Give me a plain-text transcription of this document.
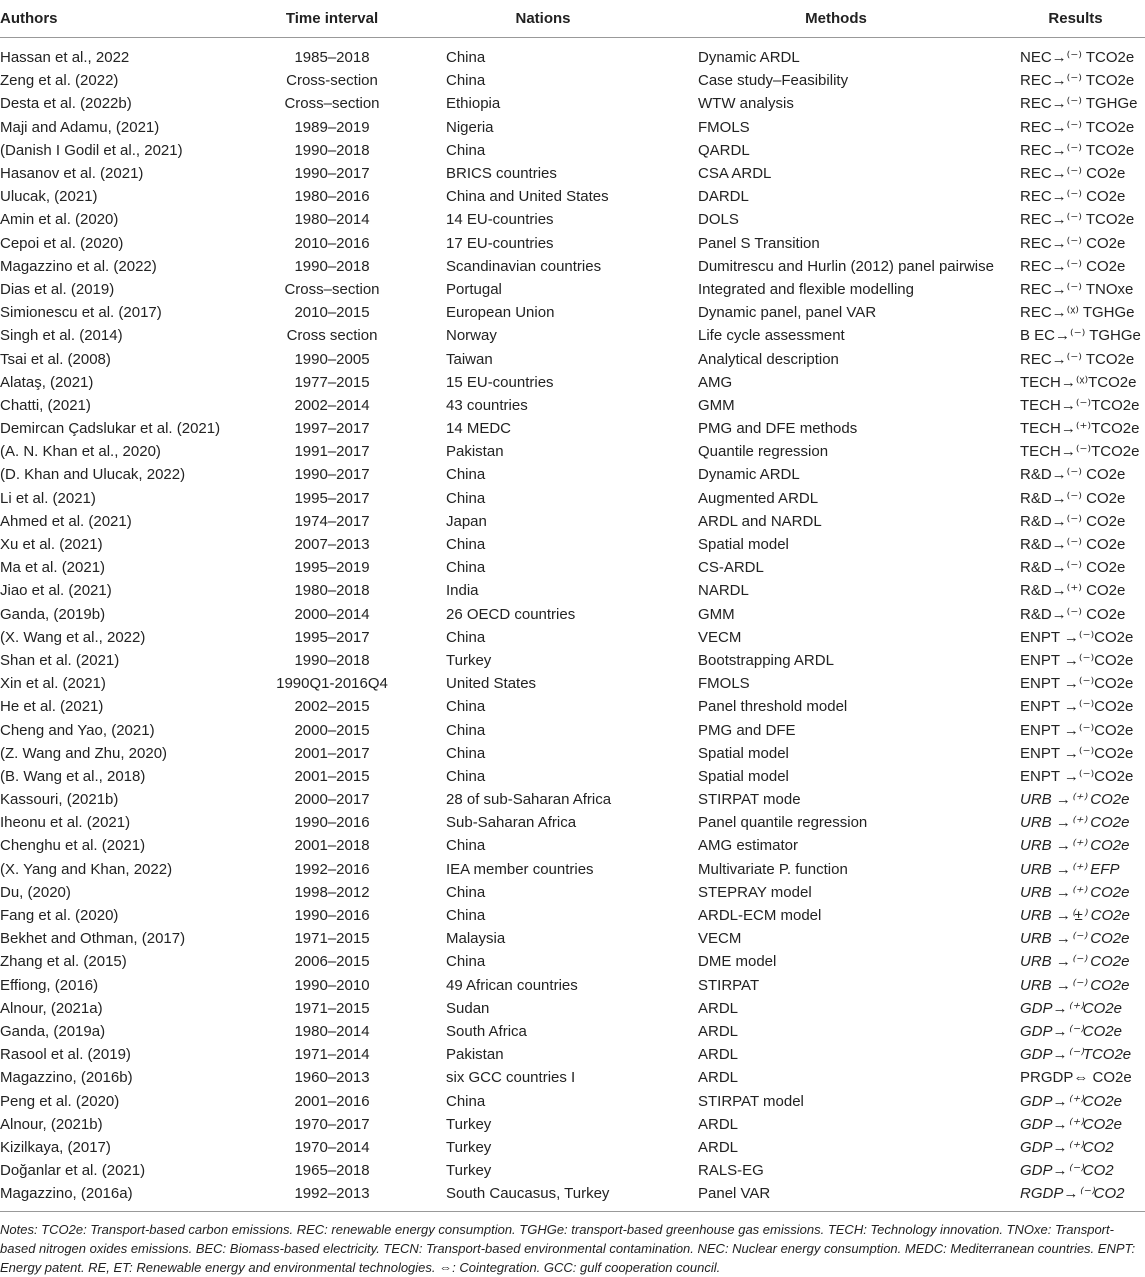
Authors	Time interval	Nations	Methods	Results
Hassan et al., 2022	1985–2018	China	Dynamic ARDL	NEC→⁽⁻⁾ TCO2e
Zeng et al. (2022)	Cross-section	China	Case study–Feasibility	REC→⁽⁻⁾ TCO2e
Desta et al. (2022b)	Cross–section	Ethiopia	WTW analysis	REC→⁽⁻⁾ TGHGe
Maji and Adamu, (2021)	1989–2019	Nigeria	FMOLS	REC→⁽⁻⁾ TCO2e
(Danish I Godil et al., 2021)	1990–2018	China	QARDL	REC→⁽⁻⁾ TCO2e
Hasanov et al. (2021)	1990–2017	BRICS countries	CSA ARDL	REC→⁽⁻⁾ CO2e
Ulucak, (2021)	1980–2016	China and United States	DARDL	REC→⁽⁻⁾ CO2e
Amin et al. (2020)	1980–2014	14 EU-countries	DOLS	REC→⁽⁻⁾ TCO2e
Cepoi et al. (2020)	2010–2016	17 EU-countries	Panel S Transition	REC→⁽⁻⁾ CO2e
Magazzino et al. (2022)	1990–2018	Scandinavian countries	Dumitrescu and Hurlin (2012) panel pairwise	REC→⁽⁻⁾ CO2e
Dias et al. (2019)	Cross–section	Portugal	Integrated and flexible modelling	REC→⁽⁻⁾ TNOxe
Simionescu et al. (2017)	2010–2015	European Union	Dynamic panel, panel VAR	REC→⁽ˣ⁾ TGHGe
Singh et al. (2014)	Cross section	Norway	Life cycle assessment	B EC→⁽⁻⁾ TGHGe
Tsai et al. (2008)	1990–2005	Taiwan	Analytical description	REC→⁽⁻⁾ TCO2e
Alataş, (2021)	1977–2015	15 EU-countries	AMG	TECH→⁽ˣ⁾TCO2e
Chatti, (2021)	2002–2014	43 countries	GMM	TECH→⁽⁻⁾TCO2e
Demircan Çadslukar et al. (2021)	1997–2017	14 MEDC	PMG and DFE methods	TECH→⁽⁺⁾TCO2e
(A. N. Khan et al., 2020)	1991–2017	Pakistan	Quantile regression	TECH→⁽⁻⁾TCO2e
(D. Khan and Ulucak, 2022)	1990–2017	China	Dynamic ARDL	R&D→⁽⁻⁾ CO2e
Li et al. (2021)	1995–2017	China	Augmented ARDL	R&D→⁽⁻⁾ CO2e
Ahmed et al. (2021)	1974–2017	Japan	ARDL and NARDL	R&D→⁽⁻⁾ CO2e
Xu et al. (2021)	2007–2013	China	Spatial model	R&D→⁽⁻⁾ CO2e
Ma et al. (2021)	1995–2019	China	CS-ARDL	R&D→⁽⁻⁾ CO2e
Jiao et al. (2021)	1980–2018	India	NARDL	R&D→⁽⁺⁾ CO2e
Ganda, (2019b)	2000–2014	26 OECD countries	GMM	R&D→⁽⁻⁾ CO2e
(X. Wang et al., 2022)	1995–2017	China	VECM	ENPT →⁽⁻⁾CO2e
Shan et al. (2021)	1990–2018	Turkey	Bootstrapping ARDL	ENPT →⁽⁻⁾CO2e
Xin et al. (2021)	1990Q1-2016Q4	United States	FMOLS	ENPT →⁽⁻⁾CO2e
He et al. (2021)	2002–2015	China	Panel threshold model	ENPT →⁽⁻⁾CO2e
Cheng and Yao, (2021)	2000–2015	China	PMG and DFE	ENPT →⁽⁻⁾CO2e
(Z. Wang and Zhu, 2020)	2001–2017	China	Spatial model	ENPT →⁽⁻⁾CO2e
(B. Wang et al., 2018)	2001–2015	China	Spatial model	ENPT →⁽⁻⁾CO2e
Kassouri, (2021b)	2000–2017	28 of sub-Saharan Africa	STIRPAT mode	URB →⁽⁺⁾ CO2e
Iheonu et al. (2021)	1990–2016	Sub-Saharan Africa	Panel quantile regression	URB →⁽⁺⁾ CO2e
Chenghu et al. (2021)	2001–2018	China	AMG estimator	URB →⁽⁺⁾ CO2e
(X. Yang and Khan, 2022)	1992–2016	IEA member countries	Multivariate P. function	URB →⁽⁺⁾ EFP
Du, (2020)	1998–2012	China	STEPRAY model	URB →⁽⁺⁾ CO2e
Fang et al. (2020)	1990–2016	China	ARDL-ECM model	URB →⁽±⁾ CO2e
Bekhet and Othman, (2017)	1971–2015	Malaysia	VECM	URB →⁽⁻⁾ CO2e
Zhang et al. (2015)	2006–2015	China	DME model	URB →⁽⁻⁾ CO2e
Effiong, (2016)	1990–2010	49 African countries	STIRPAT	URB →⁽⁻⁾ CO2e
Alnour, (2021a)	1971–2015	Sudan	ARDL	GDP→⁽⁺⁾CO2e
Ganda, (2019a)	1980–2014	South Africa	ARDL	GDP→⁽⁻⁾CO2e
Rasool et al. (2019)	1971–2014	Pakistan	ARDL	GDP→⁽⁻⁾TCO2e
Magazzino, (2016b)	1960–2013	six GCC countries I	ARDL	PRGDP⇔ CO2e
Peng et al. (2020)	2001–2016	China	STIRPAT model	GDP→⁽⁺⁾CO2e
Alnour, (2021b)	1970–2017	Turkey	ARDL	GDP→⁽⁺⁾CO2e
Kizilkaya, (2017)	1970–2014	Turkey	ARDL	GDP→⁽⁺⁾CO2
Doğanlar et al. (2021)	1965–2018	Turkey	RALS-EG	GDP→⁽⁻⁾CO2
Magazzino, (2016a)	1992–2013	South Caucasus, Turkey	Panel VAR	RGDP→⁽⁻⁾CO2
Notes: TCO2e: Transport-based carbon emissions. REC: renewable energy consumption. TGHGe: transport-based greenhouse gas emissions. TECH: Technology innovation. TNOxe: Transport-based nitrogen oxides emissions. BEC: Biomass-based electricity. TECN: Transport-based environmental contamination. NEC: Nuclear energy consumption. MEDC: Mediterranean countries. ENPT: Energy patent. RE, ET: Renewable energy and environmental technologies. ⇔: Cointegration. GCC: gulf cooperation council.
